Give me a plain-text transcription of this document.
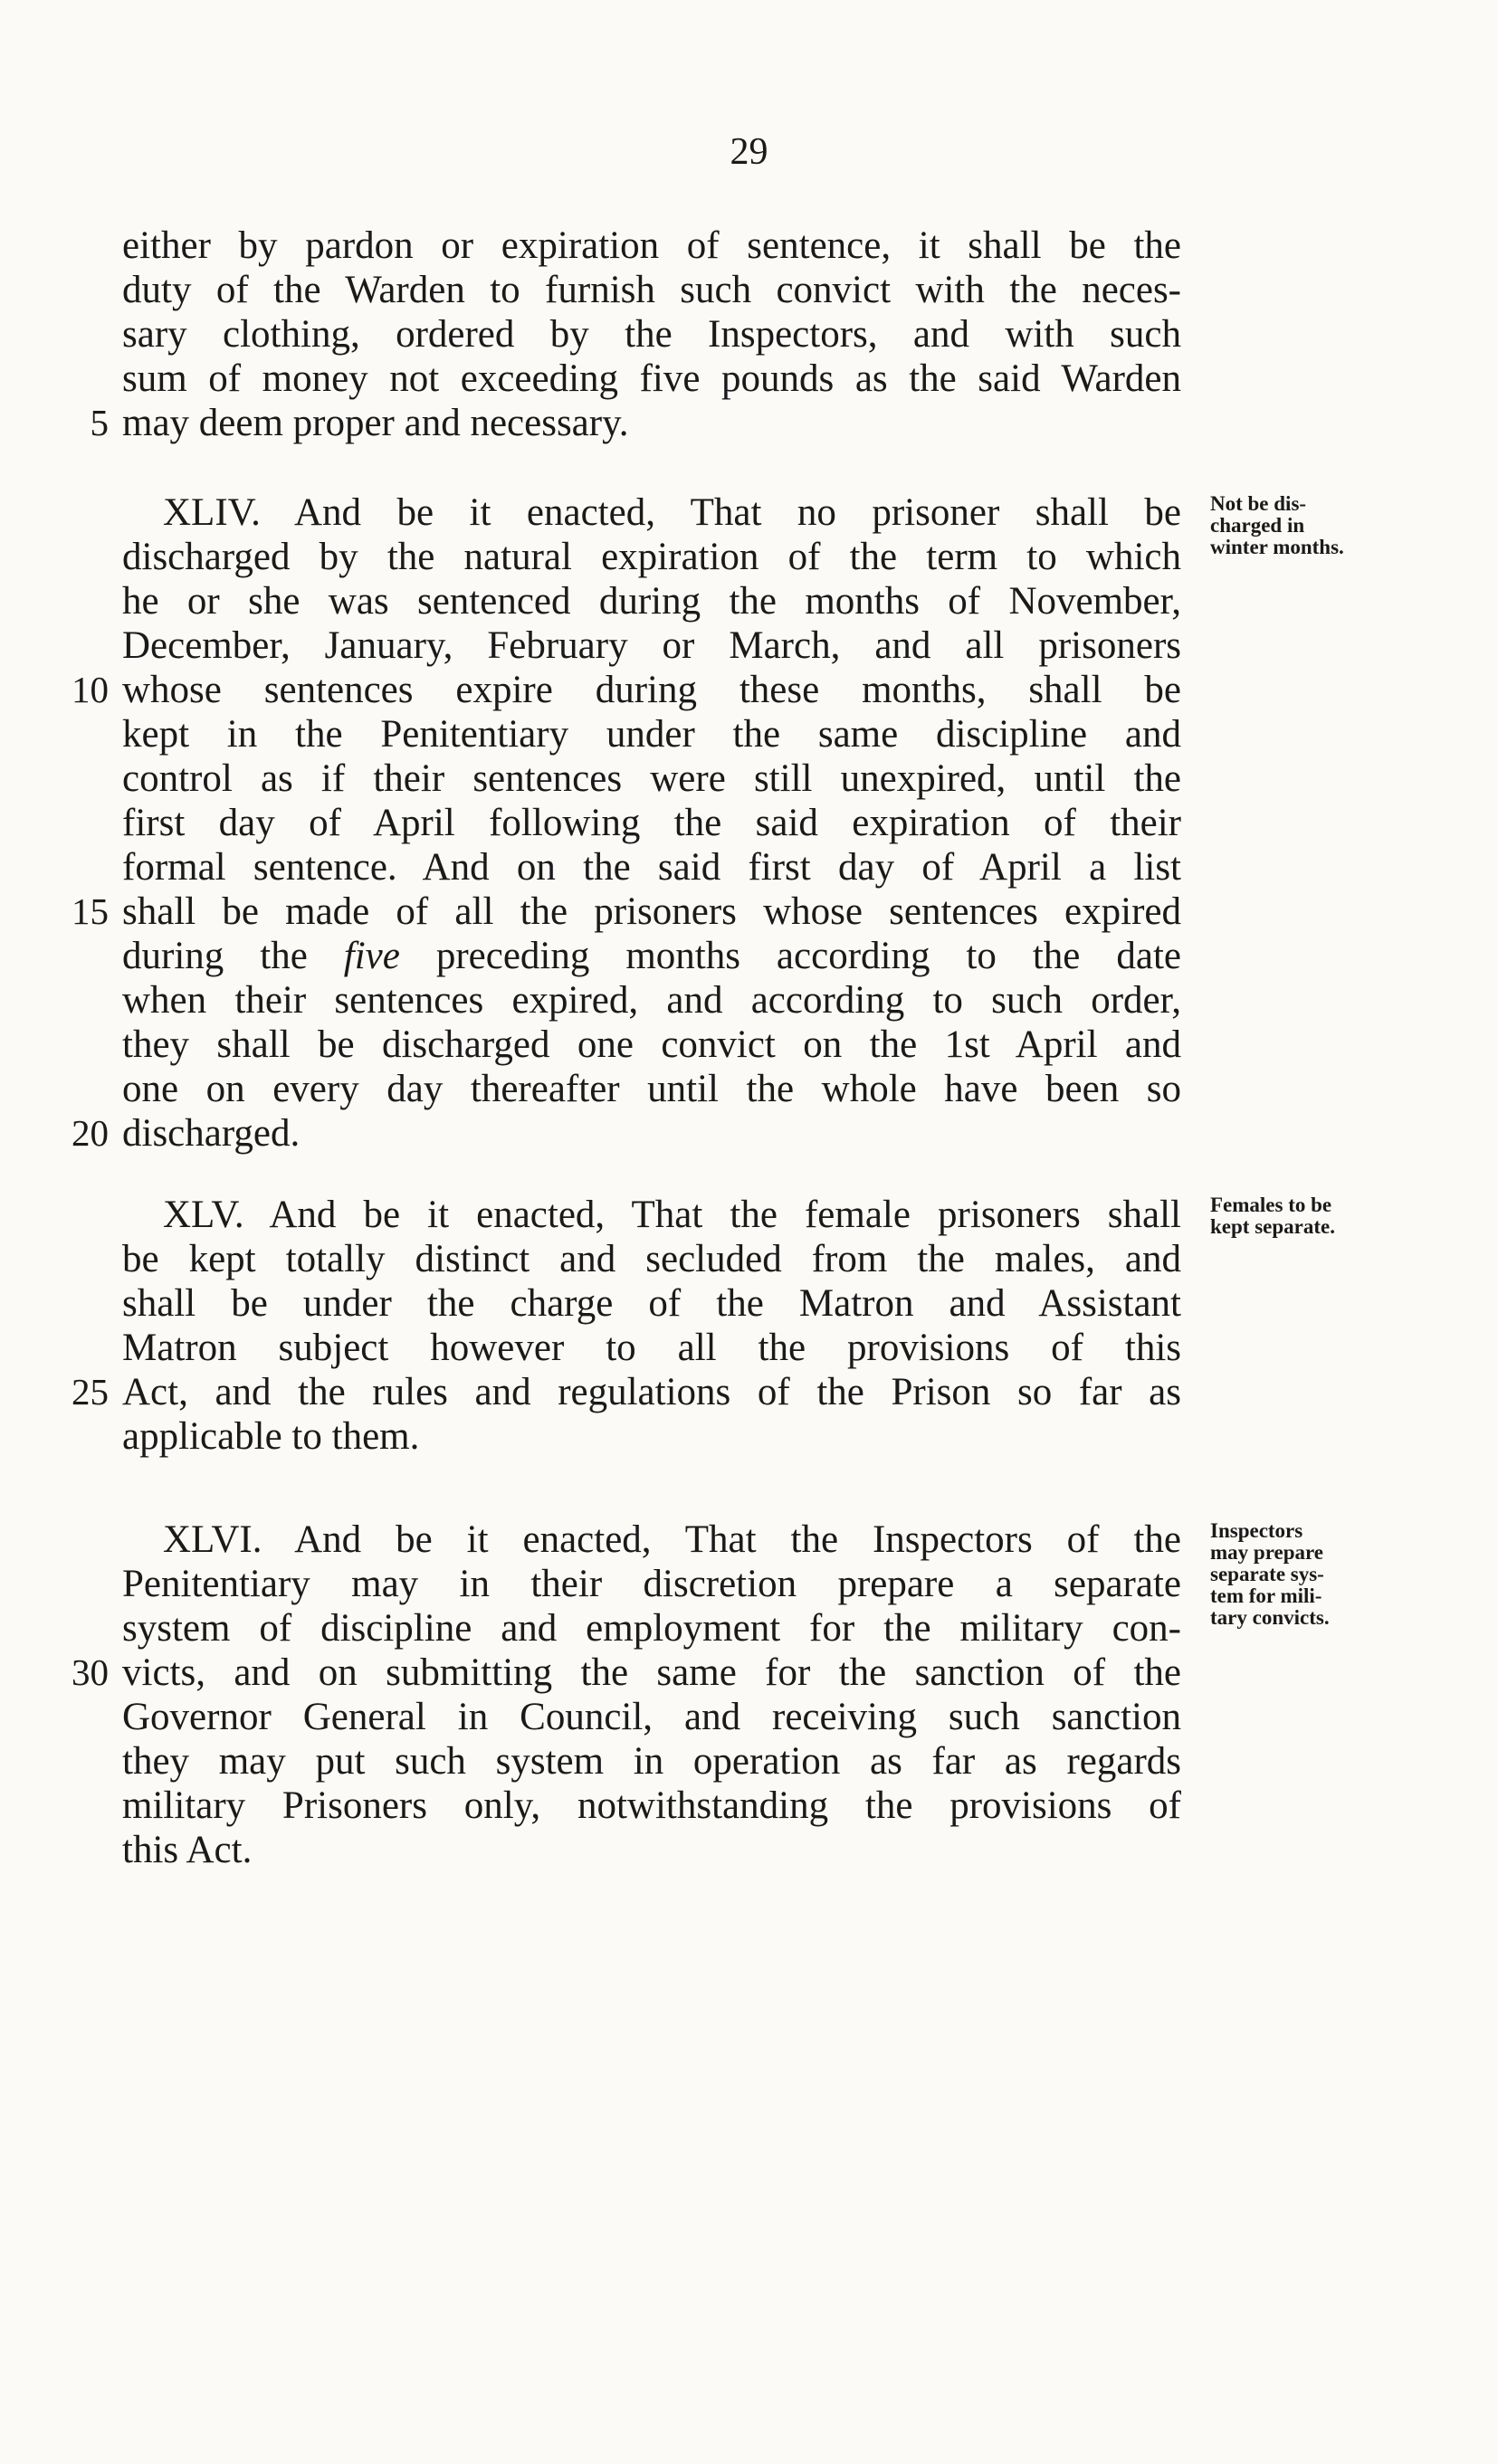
29
either by pardon or expiration of sentence, it shall be the
duty of the Warden to furnish such convict with the neces-
sary clothing, ordered by the Inspectors, and with such
sum of money not exceeding five pounds as the said Warden
may deem proper and necessary.
5
XLIV. And be it enacted, That no prisoner shall be
discharged by the natural expiration of the term to which
he or she was sentenced during the months of November,
December, January, February or March, and all prisoners
whose sentences expire during these months, shall be
10
kept in the Penitentiary under the same discipline and
control as if their sentences were still unexpired, until the
first day of April following the said expiration of their
formal sentence. And on the said first day of April a list
shall be made of all the prisoners whose sentences expired
15
during the five preceding months according to the date
when their sentences expired, and according to such order,
they shall be discharged one convict on the 1st April and
one on every day thereafter until the whole have been so
discharged.
20
Not be dis-
charged in
winter months.
XLV. And be it enacted, That the female prisoners shall
be kept totally distinct and secluded from the males, and
shall be under the charge of the Matron and Assistant
Matron subject however to all the provisions of this
Act, and the rules and regulations of the Prison so far as
25
applicable to them.
Females to be
kept separate.
XLVI. And be it enacted, That the Inspectors of the
Penitentiary may in their discretion prepare a separate
system of discipline and employment for the military con-
victs, and on submitting the same for the sanction of the
30
Governor General in Council, and receiving such sanction
they may put such system in operation as far as regards
military Prisoners only, notwithstanding the provisions of
this Act.
Inspectors
may prepare
separate sys-
tem for mili-
tary convicts.
